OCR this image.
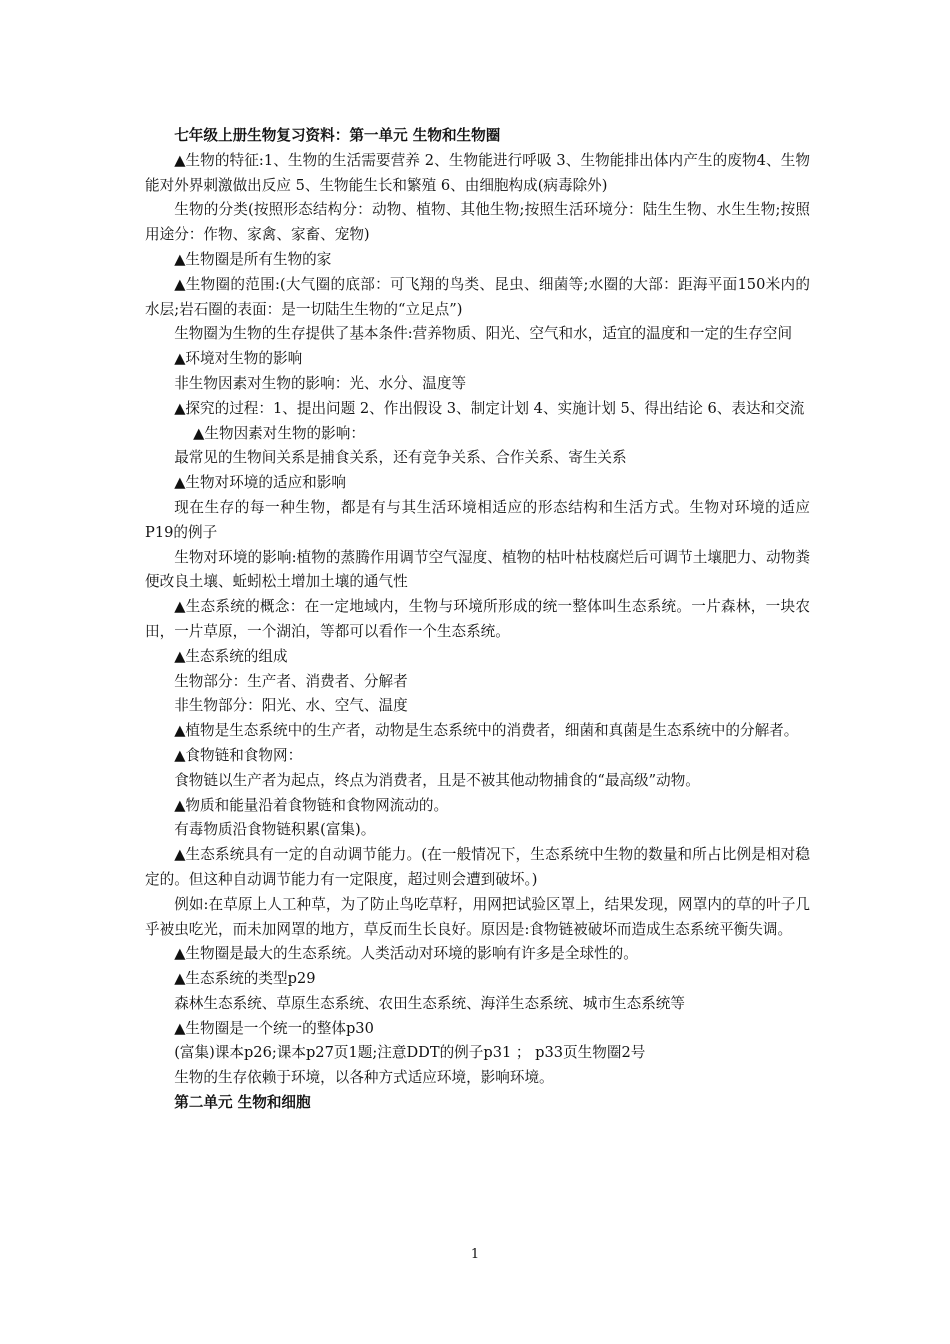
七年级上册生物复习资料：第一单元 生物和生物圈

▲生物的特征:1、生物的生活需要营养 2、生物能进行呼吸 3、生物能排出体内产生的废物4、生物能对外界刺激做出反应 5、生物能生长和繁殖 6、由细胞构成(病毒除外)

生物的分类(按照形态结构分：动物、植物、其他生物;按照生活环境分：陆生生物、水生生物;按照用途分：作物、家禽、家畜、宠物)

▲生物圈是所有生物的家

▲生物圈的范围:(大气圈的底部：可飞翔的鸟类、昆虫、细菌等;水圈的大部：距海平面150米内的水层;岩石圈的表面：是一切陆生生物的“立足点”)

生物圈为生物的生存提供了基本条件:营养物质、阳光、空气和水，适宜的温度和一定的生存空间

▲环境对生物的影响

非生物因素对生物的影响：光、水分、温度等

▲探究的过程：1、提出问题 2、作出假设 3、制定计划 4、实施计划 5、得出结论 6、表达和交流

▲生物因素对生物的影响：

最常见的生物间关系是捕食关系，还有竞争关系、合作关系、寄生关系

▲生物对环境的适应和影响

现在生存的每一种生物，都是有与其生活环境相适应的形态结构和生活方式。生物对环境的适应P19的例子

生物对环境的影响:植物的蒸腾作用调节空气湿度、植物的枯叶枯枝腐烂后可调节土壤肥力、动物粪便改良土壤、蚯蚓松土增加土壤的通气性

▲生态系统的概念：在一定地域内，生物与环境所形成的统一整体叫生态系统。一片森林，一块农田，一片草原，一个湖泊，等都可以看作一个生态系统。

▲生态系统的组成

生物部分：生产者、消费者、分解者

非生物部分：阳光、水、空气、温度

▲植物是生态系统中的生产者，动物是生态系统中的消费者，细菌和真菌是生态系统中的分解者。

▲食物链和食物网：

食物链以生产者为起点，终点为消费者，且是不被其他动物捕食的“最高级”动物。

▲物质和能量沿着食物链和食物网流动的。

有毒物质沿食物链积累(富集)。

▲生态系统具有一定的自动调节能力。(在一般情况下，生态系统中生物的数量和所占比例是相对稳定的。但这种自动调节能力有一定限度，超过则会遭到破坏。)

例如:在草原上人工种草，为了防止鸟吃草籽，用网把试验区罩上，结果发现，网罩内的草的叶子几乎被虫吃光，而未加网罩的地方，草反而生长良好。原因是:食物链被破坏而造成生态系统平衡失调。

▲生物圈是最大的生态系统。人类活动对环境的影响有许多是全球性的。

▲生态系统的类型p29

森林生态系统、草原生态系统、农田生态系统、海洋生态系统、城市生态系统等

▲生物圈是一个统一的整体p30

(富集)课本p26;课本p27页1题;注意DDT的例子p31 ； p33页生物圈2号

生物的生存依赖于环境，以各种方式适应环境，影响环境。

第二单元 生物和细胞

1
